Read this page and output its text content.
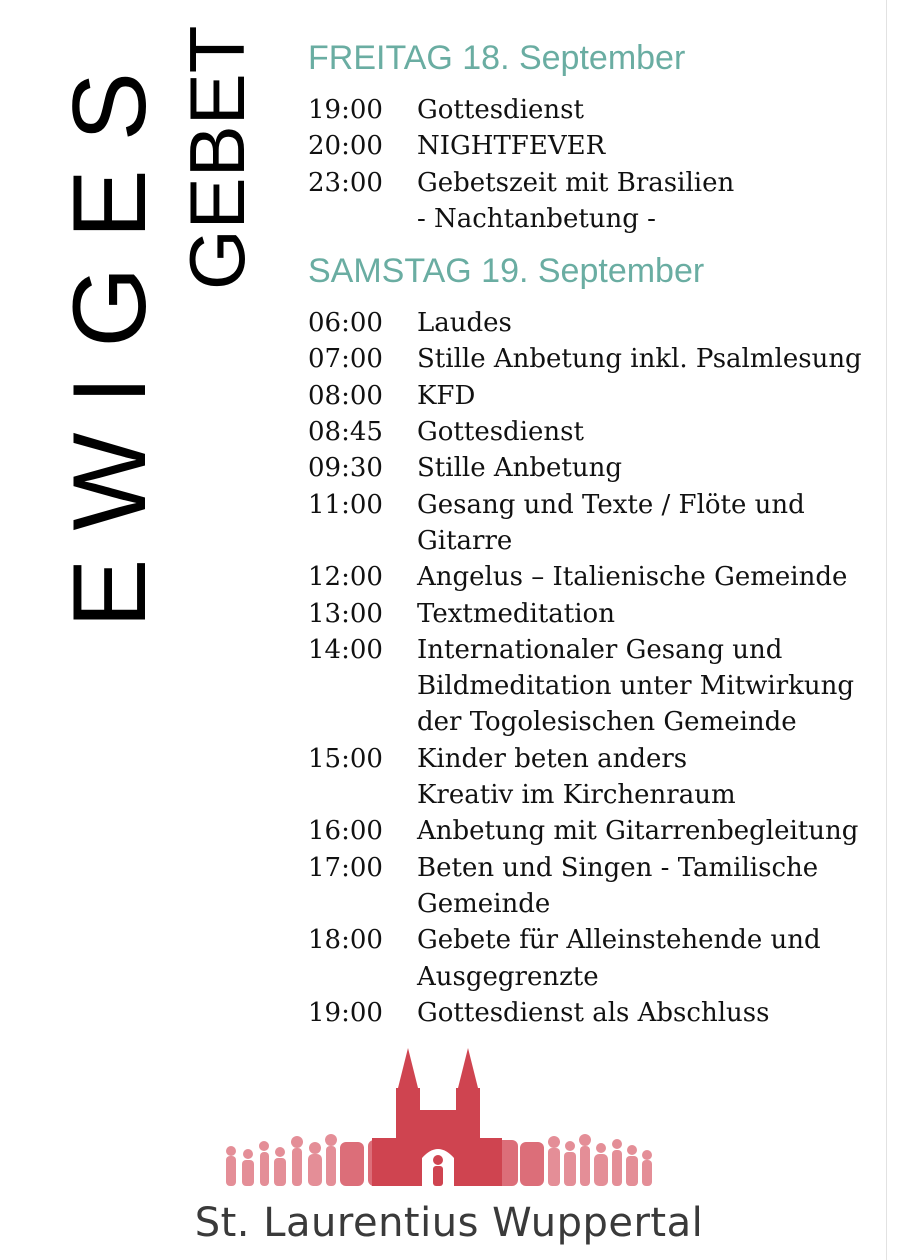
EWIGES GEBET FREITAG 18. September
19:00	Gottesdienst
20:00	NIGHTFEVER
23:00	Gebetszeit mit Brasilien
- Nachtanbetung -
SAMSTAG 19. September
06:00	Laudes
07:00	Stille Anbetung inkl. Psalmlesung
08:00	KFD
08:45	Gottesdienst
09:30	Stille Anbetung
11:00	Gesang und Texte / Flöte und
Gitarre
12:00	Angelus – Italienische Gemeinde
13:00	Textmeditation
14:00	Internationaler Gesang und
Bildmeditation unter Mitwirkung
der Togolesischen Gemeinde
15:00	Kinder beten anders
Kreativ im Kirchenraum
16:00	Anbetung mit Gitarrenbegleitung
17:00	Beten und Singen - Tamilische
Gemeinde
18:00	Gebete für Alleinstehende und
Ausgegrenzte
19:00	Gottesdienst als Abschluss
St. Laurentius Wuppertal
